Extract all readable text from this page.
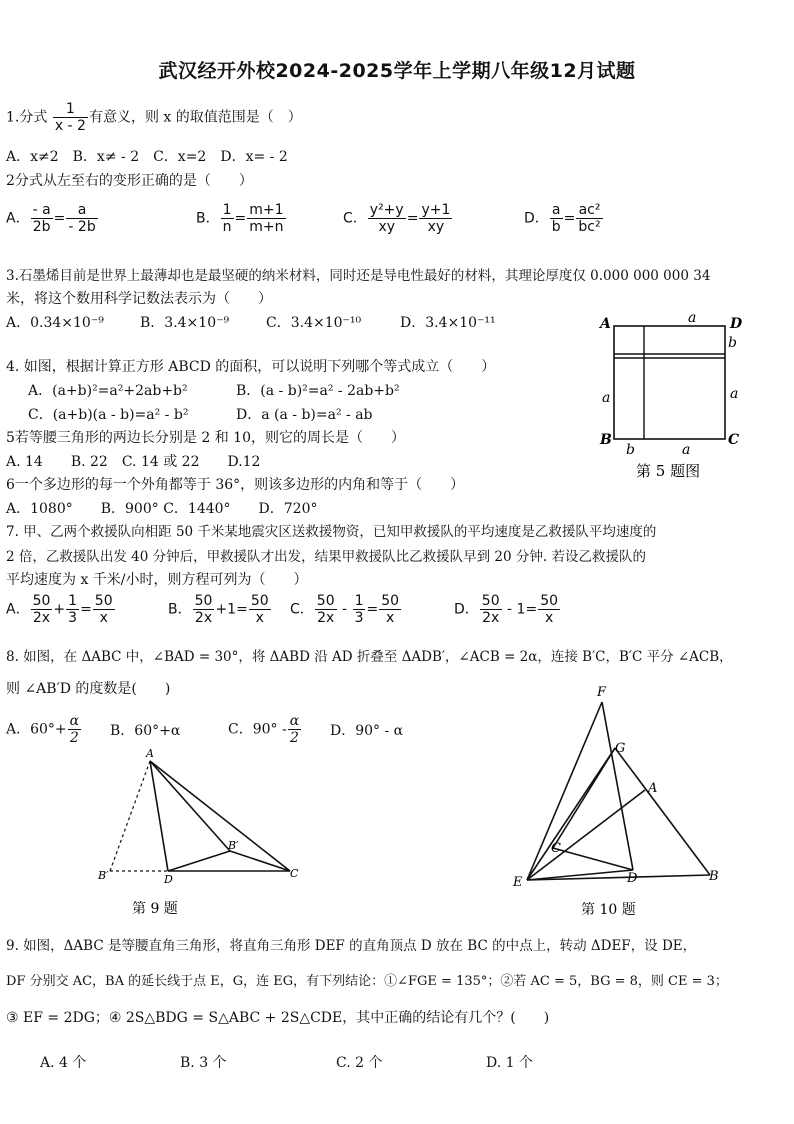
武汉经开外校2024-2025学年上学期八年级12月试题
1.分式 $\frac{1}{x - 2}$ 有意义，则 x 的取值范围是（　）
A．x≠2　B．x≠ - 2　C．x=2　D．x= - 2
2分式从左至右的变形正确的是（　　）
A． $\frac{- a}{2b} = \frac{a}{- 2b}$	B． $\frac{1}{n} = \frac{m+1}{m+n}$	C． $\frac{\text{y²+y}}{xy} = \frac{y+1}{xy}$	D． $\frac{a}{b} = \frac{\text{ac²}}{\text{bc²}}$
3.石墨烯目前是世界上最薄却也是最坚硬的纳米材料，同时还是导电性最好的材料，其理论厚度仅 0.000 000 000 34
米，将这个数用科学记数法表示为（　　）
A．0.34×10⁻⁹	B．3.4×10⁻⁹	C．3.4×10⁻¹⁰	D．3.4×10⁻¹¹	A	D
B	C
a
b
a	a
b	a
第 5 题图
4. 如图，根据计算正方形 ABCD 的面积，可以说明下列哪个等式成立（　　）
A．(a+b)²=a²+2ab+b²	B．(a - b)²=a² - 2ab+b²
C．(a+b)(a - b)=a² - b²	D．a (a - b)=a² - ab
5若等腰三角形的两边长分别是 2 和 10，则它的周长是（　　）
A. 14　　B. 22　C. 14 或 22　　D.12
6一个多边形的每一个外角都等于 36°，则该多边形的内角和等于（　　）
A．1080°　　B．900° C．1440°　　D．720°
7. 甲、乙两个救援队向相距 50 千米某地震灾区送救援物资，已知甲救援队的平均速度是乙救援队平均速度的
2 倍，乙救援队出发 40 分钟后，甲救援队才出发，结果甲救援队比乙救援队早到 20 分钟. 若设乙救援队的
平均速度为 x 千米/小时，则方程可列为（　　）
A． $\frac{50}{2x} + \frac{1}{3} = \frac{50}{x}$	B． $\frac{50}{2x} +1= \frac{50}{x}$ C． $\frac{50}{2x} - \frac{1}{3} = \frac{50}{x}$	D． $\frac{50}{2x} - 1= \frac{50}{x}$
8. 如图，在 ΔABC 中，∠BAD = 30°，将 ΔABD 沿 AD 折叠至 ΔADB′，∠ACB = 2α，连接 B′C，B′C 平分 ∠ACB，
则 ∠AB′D 的度数是(　　)
A．$60^\circ+ \frac{\alpha}{2}$ B．60°+α	C．$90^\circ - \frac{\alpha}{2}$ D．90° - α
A
B′	D
B′
C
第 9 题
F
G
A
C
E	D	B
第 10 题
9. 如图，ΔABC 是等腰直角三角形，将直角三角形 DEF 的直角顶点 D 放在 BC 的中点上，转动 ΔDEF，设 DE，
DF 分别交 AC，BA 的延长线于点 E，G，连 EG，有下列结论：①∠FGE = 135°；②若 AC = 5，BG = 8，则 CE = 3；
③ EF = 2DG；④ 2S△BDG = S△ABC + 2S△CDE，其中正确的结论有几个？(　　)
A. 4 个	B. 3 个	C. 2 个	D. 1 个
